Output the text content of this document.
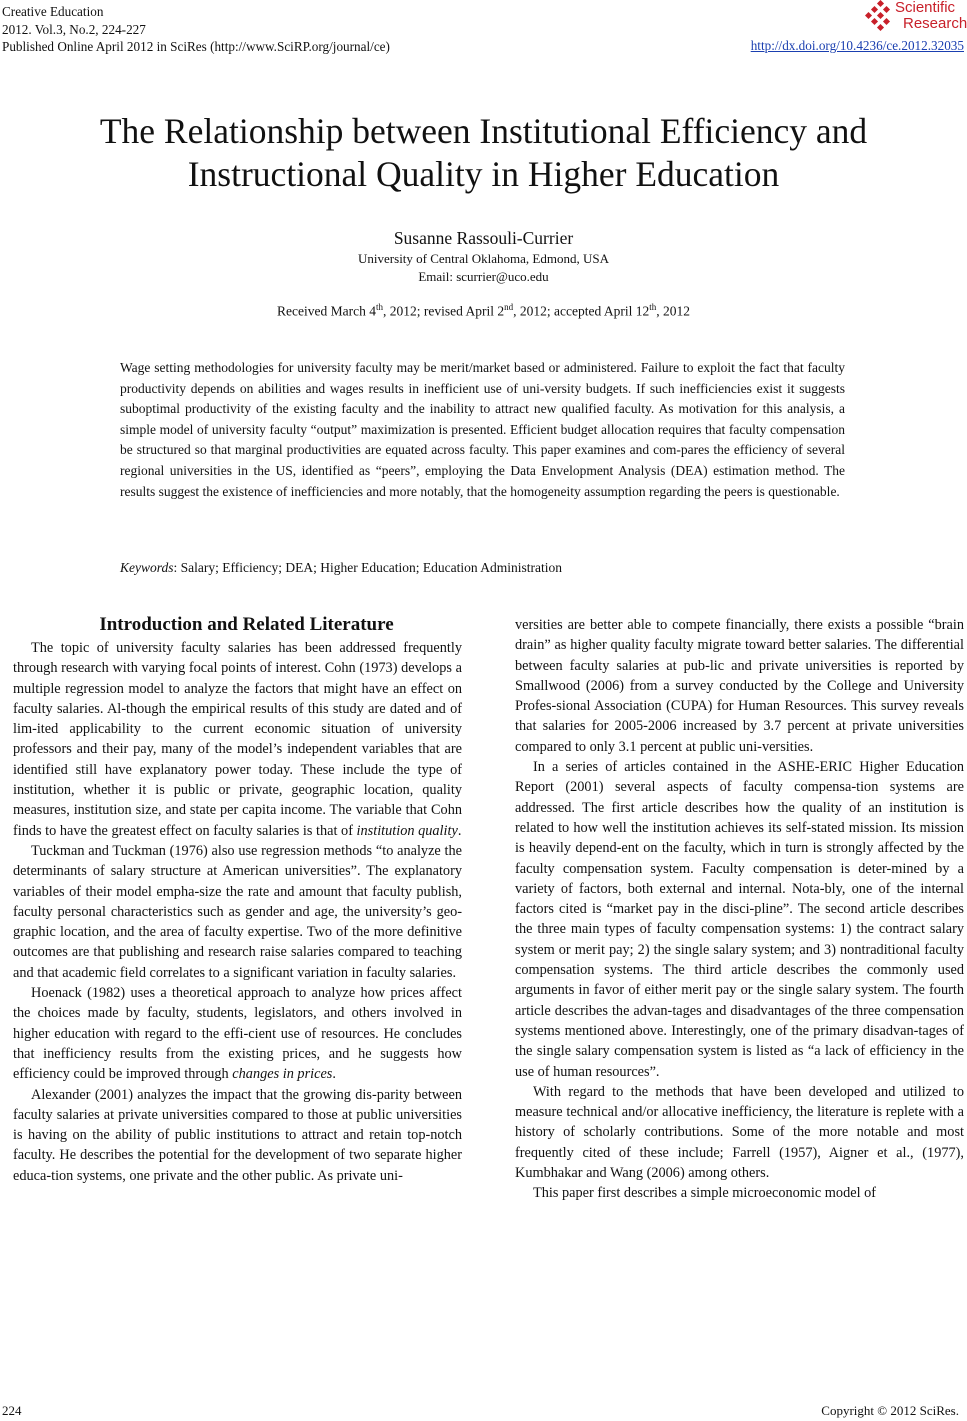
Creative Education
2012. Vol.3, No.2, 224-227
Published Online April 2012 in SciRes (http://www.SciRP.org/journal/ce)
Scientific
Research
http://dx.doi.org/10.4236/ce.2012.32035
The Relationship between Institutional Efficiency and
Instructional Quality in Higher Education
Susanne Rassouli-Currier
University of Central Oklahoma, Edmond, USA
Email: scurrier@uco.edu
Received March 4th, 2012; revised April 2nd, 2012; accepted April 12th, 2012

Wage setting methodologies for university faculty may be merit/market based or administered. Failure to exploit the fact that faculty productivity depends on abilities and wages results in inefficient use of uni-versity budgets. If such inefficiencies exist it suggests suboptimal productivity of the existing faculty and the inability to attract new qualified faculty. As motivation for this analysis, a simple model of university faculty “output” maximization is presented. Efficient budget allocation requires that faculty compensation be structured so that marginal productivities are equated across faculty. This paper examines and com-pares the efficiency of several regional universities in the US, identified as “peers”, employing the Data Envelopment Analysis (DEA) estimation method. The results suggest the existence of inefficiencies and more notably, that the homogeneity assumption regarding the peers is questionable.

Keywords: Salary; Efficiency; DEA; Higher Education; Education Administration

Introduction and Related Literature

The topic of university faculty salaries has been addressed frequently through research with varying focal points of interest. Cohn (1973) develops a multiple regression model to analyze the factors that might have an effect on faculty salaries. Al-though the empirical results of this study are dated and of lim-ited applicability to the current economic situation of university professors and their pay, many of the model’s independent variables that are identified still have explanatory power today. These include the type of institution, whether it is public or private, geographic location, quality measures, institution size, and state per capita income. The variable that Cohn finds to have the greatest effect on faculty salaries is that of institution quality.

Tuckman and Tuckman (1976) also use regression methods “to analyze the determinants of salary structure at American universities”. The explanatory variables of their model empha-size the rate and amount that faculty publish, faculty personal characteristics such as gender and age, the university’s geo-graphic location, and the area of faculty expertise. Two of the more definitive outcomes are that publishing and research raise salaries compared to teaching and that academic field correlates to a significant variation in faculty salaries.

Hoenack (1982) uses a theoretical approach to analyze how prices affect the choices made by faculty, students, legislators, and others involved in higher education with regard to the effi-cient use of resources. He concludes that inefficiency results from the existing prices, and he suggests how efficiency could be improved through changes in prices.

Alexander (2001) analyzes the impact that the growing dis-parity between faculty salaries at private universities compared to those at public universities is having on the ability of public institutions to attract and retain top-notch faculty. He describes the potential for the development of two separate higher educa-tion systems, one private and the other public. As private uni-

versities are better able to compete financially, there exists a possible “brain drain” as higher quality faculty migrate toward better salaries. The differential between faculty salaries at pub-lic and private universities is reported by Smallwood (2006) from a survey conducted by the College and University Profes-sional Association (CUPA) for Human Resources. This survey reveals that salaries for 2005-2006 increased by 3.7 percent at private universities compared to only 3.1 percent at public uni-versities.

In a series of articles contained in the ASHE-ERIC Higher Education Report (2001) several aspects of faculty compensa-tion systems are addressed. The first article describes how the quality of an institution is related to how well the institution achieves its self-stated mission. Its mission is heavily depend-ent on the faculty, which in turn is strongly affected by the faculty compensation system. Faculty compensation is deter-mined by a variety of factors, both external and internal. Nota-bly, one of the internal factors cited is “market pay in the disci-pline”. The second article describes the three main types of faculty compensation systems: 1) the contract salary system or merit pay; 2) the single salary system; and 3) nontraditional faculty compensation systems. The third article describes the commonly used arguments in favor of either merit pay or the single salary system. The fourth article describes the advan-tages and disadvantages of the three compensation systems mentioned above. Interestingly, one of the primary disadvan-tages of the single salary compensation system is listed as “a lack of efficiency in the use of human resources”.

With regard to the methods that have been developed and utilized to measure technical and/or allocative inefficiency, the literature is replete with a history of scholarly contributions. Some of the more notable and most frequently cited of these include; Farrell (1957), Aigner et al., (1977), Kumbhakar and Wang (2006) among others.

This paper first describes a simple microeconomic model of

224	Copyright © 2012 SciRes.
